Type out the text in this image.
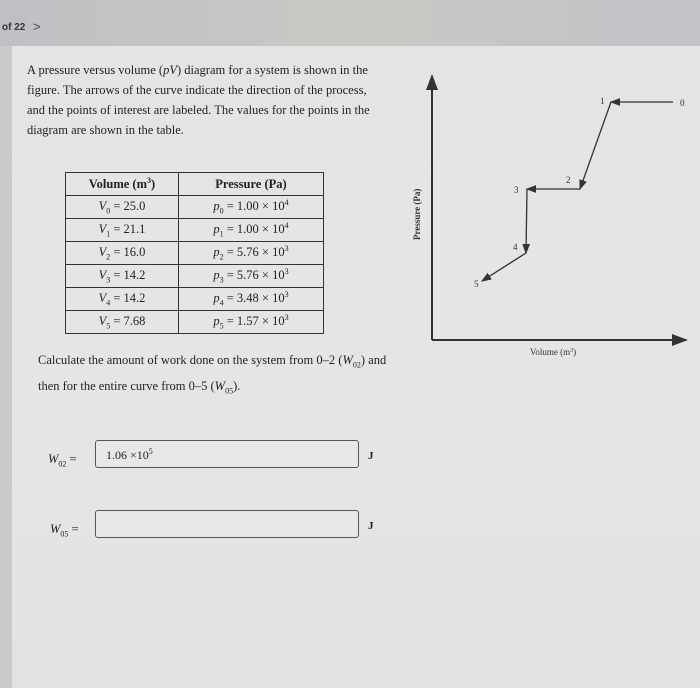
of 22 >
A pressure versus volume (pV) diagram for a system is shown in the figure. The arrows of the curve indicate the direction of the process, and the points of interest are labeled. The values for the points in the diagram are shown in the table.
Volume $(m^3)$	Pressure (Pa)
$V_0 = 25.0$	$p_0 = 1.00 \times 10^4$
$V_1 = 21.1$	$p_1 = 1.00 \times 10^4$
$V_2 = 16.0$	$p_2 = 5.76 \times 10^3$
$V_3 = 14.2$	$p_3 = 5.76 \times 10^3$
$V_4 = 14.2$	$p_4 = 3.48 \times 10^3$
$V_5 = 7.68$	$p_5 = 1.57 \times 10^3$
Pressure (Pa)
Volume $(m^3)$
0
1
2
3
4
5
Calculate the amount of work done on the system from 0–2 $(W_{02})$ and then for the entire curve from 0–5 $(W_{05})$.
$W_{02}$ =	$1.06 \times 10^5$	J
$W_{05}$ =	J
